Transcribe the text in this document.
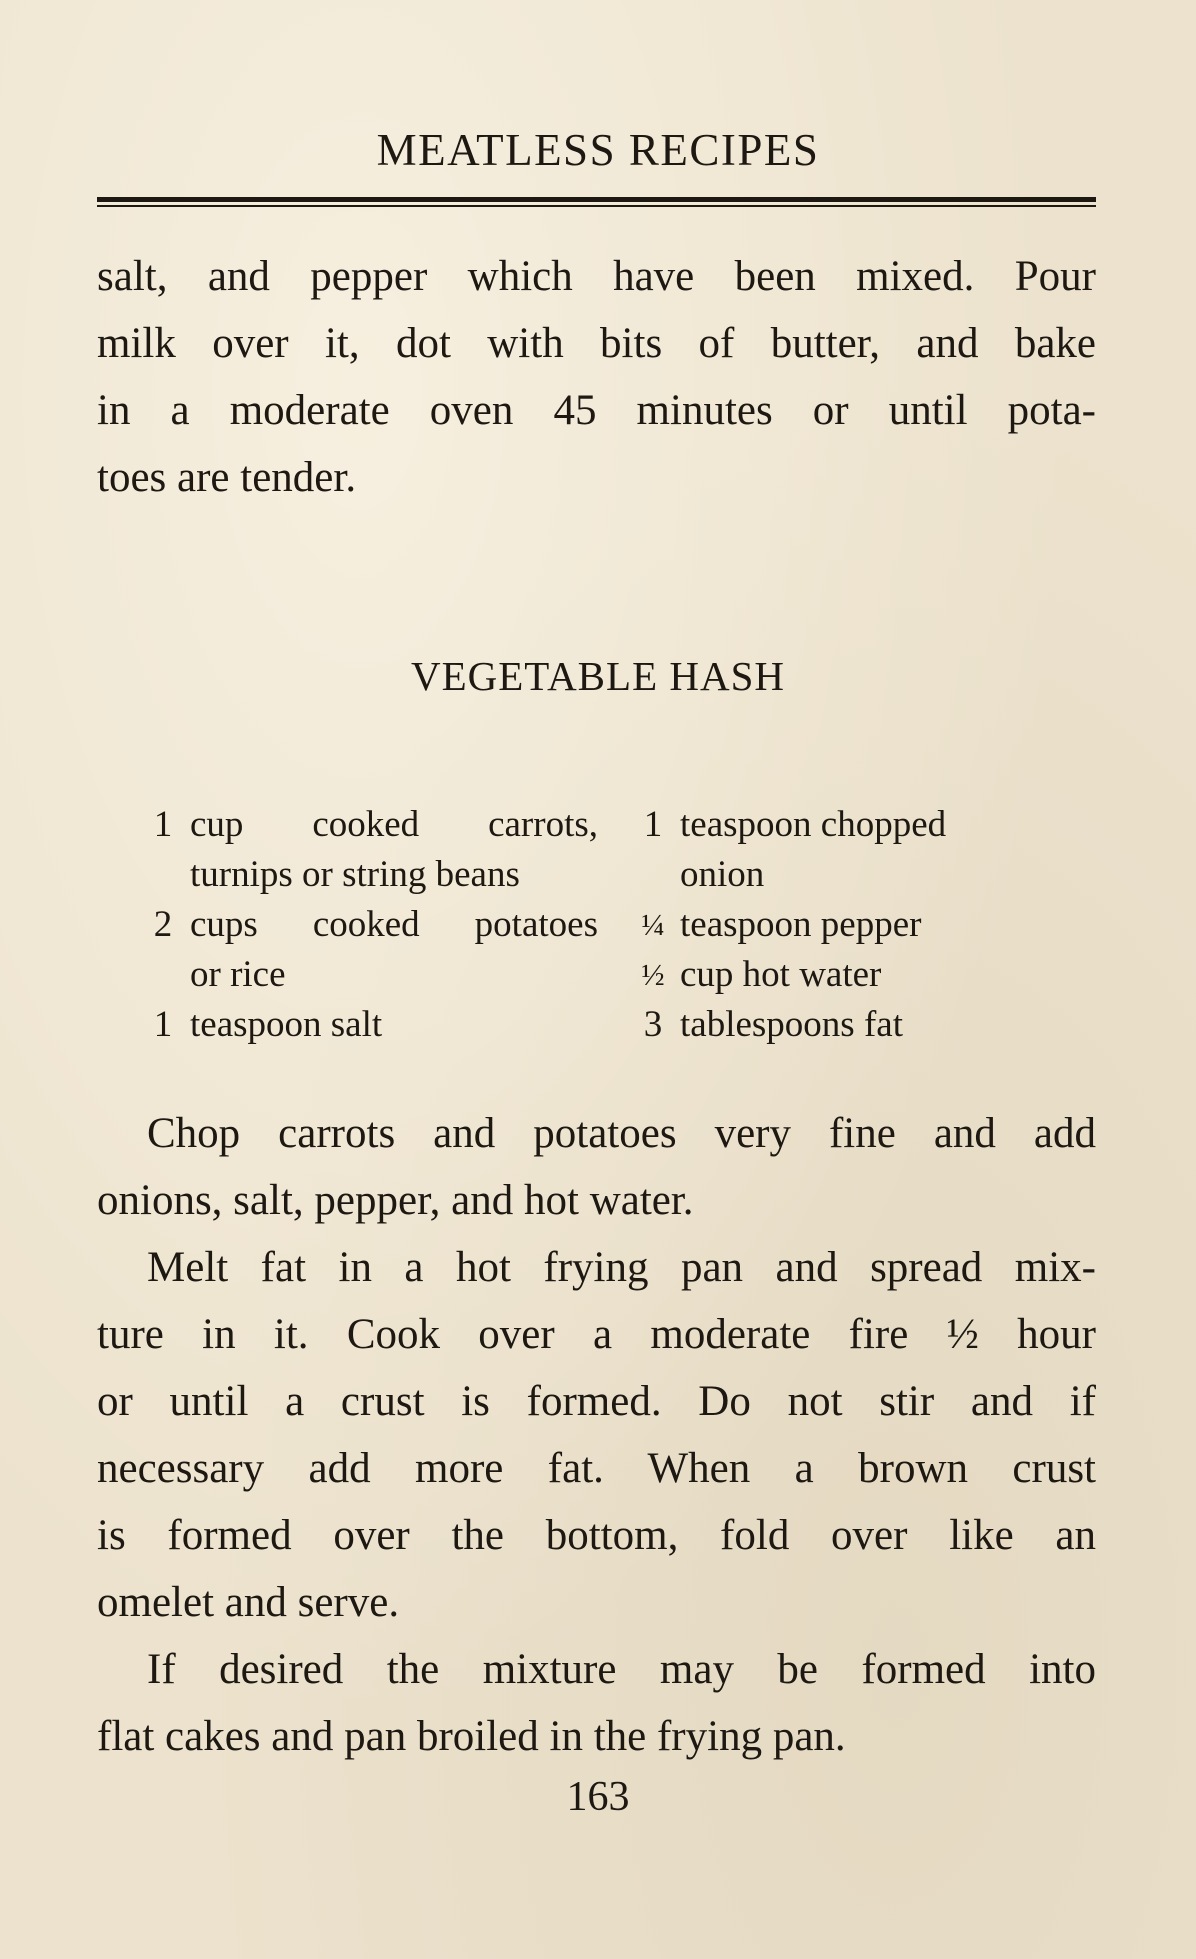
MEATLESS RECIPES
salt, and pepper which have been mixed. Pour
milk over it, dot with bits of butter, and bake
in a moderate oven 45 minutes or until pota-
toes are tender.
VEGETABLE HASH
1 cup cooked carrots,
turnips or string beans
2 cups cooked potatoes
or rice
1 teaspoon salt
1 teaspoon chopped
onion
¼ teaspoon pepper
½ cup hot water
3 tablespoons fat
Chop carrots and potatoes very fine and add
onions, salt, pepper, and hot water.
Melt fat in a hot frying pan and spread mix-
ture in it. Cook over a moderate fire ½ hour
or until a crust is formed. Do not stir and if
necessary add more fat. When a brown crust
is formed over the bottom, fold over like an
omelet and serve.
If desired the mixture may be formed into
flat cakes and pan broiled in the frying pan.
163
